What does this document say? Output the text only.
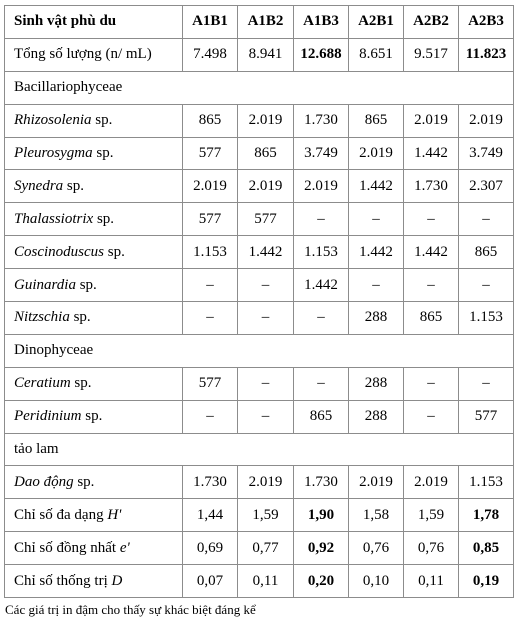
Sinh vật phù du	A1B1	A1B2	A1B3	A2B1	A2B2	A2B3
Tổng số lượng (n/ mL)	7.498	8.941	12.688	8.651	9.517	11.823
Bacillariophyceae						
Rhizosolenia sp.	865	2.019	1.730	865	2.019	2.019
Pleurosygma sp.	577	865	3.749	2.019	1.442	3.749
Synedra sp.	2.019	2.019	2.019	1.442	1.730	2.307
Thalassiotrix sp.	577	577	–	–	–	–
Coscinoduscus sp.	1.153	1.442	1.153	1.442	1.442	865
Guinardia sp.	–	–	1.442	–	–	–
Nitzschia sp.	–	–	–	288	865	1.153
Dinophyceae						
Ceratium sp.	577	–	–	288	–	–
Peridinium sp.	–	–	865	288	–	577
tảo lam						
Dao động sp.	1.730	2.019	1.730	2.019	2.019	1.153
Chỉ số đa dạng H'	1,44	1,59	1,90	1,58	1,59	1,78
Chỉ số đồng nhất e'	0,69	0,77	0,92	0,76	0,76	0,85
Chỉ số thống trị D	0,07	0,11	0,20	0,10	0,11	0,19
Các giá trị in đậm cho thấy sự khác biệt đáng kể
